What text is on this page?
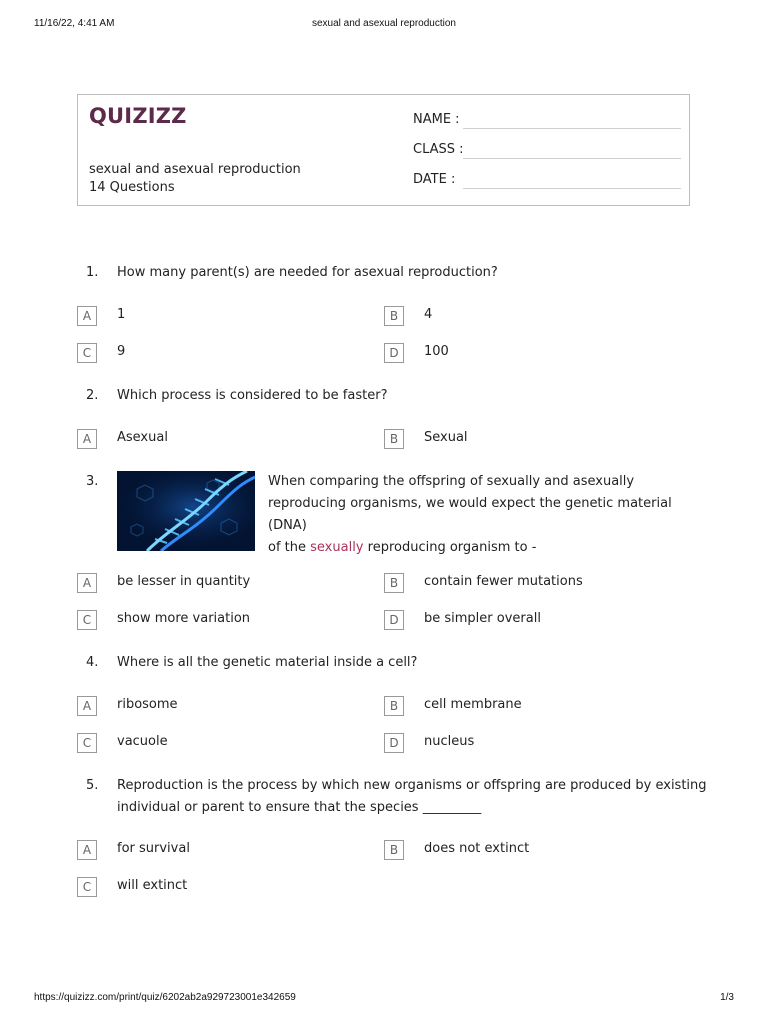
11/16/22, 4:41 AM	sexual and asexual reproduction
QUIZIZZ
sexual and asexual reproduction
14 Questions
NAME :
CLASS :
DATE :
1. How many parent(s) are needed for asexual reproduction?
A	1	B	4
C	9	D	100
2. Which process is considered to be faster?
A	Asexual	B	Sexual
3.	When comparing the offspring of sexually and asexually
reproducing organisms, we would expect the genetic material (DNA)
of the sexually reproducing organism to -
A	be lesser in quantity	B	contain fewer mutations
C	show more variation	D	be simpler overall
4. Where is all the genetic material inside a cell?
A	ribosome	B	cell membrane
C	vacuole	D	nucleus
5. Reproduction is the process by which new organisms or offspring are produced by existing
individual or parent to ensure that the species _________
A	for survival	B	does not extinct
C	will extinct
https://quizizz.com/print/quiz/6202ab2a929723001e342659	1/3
